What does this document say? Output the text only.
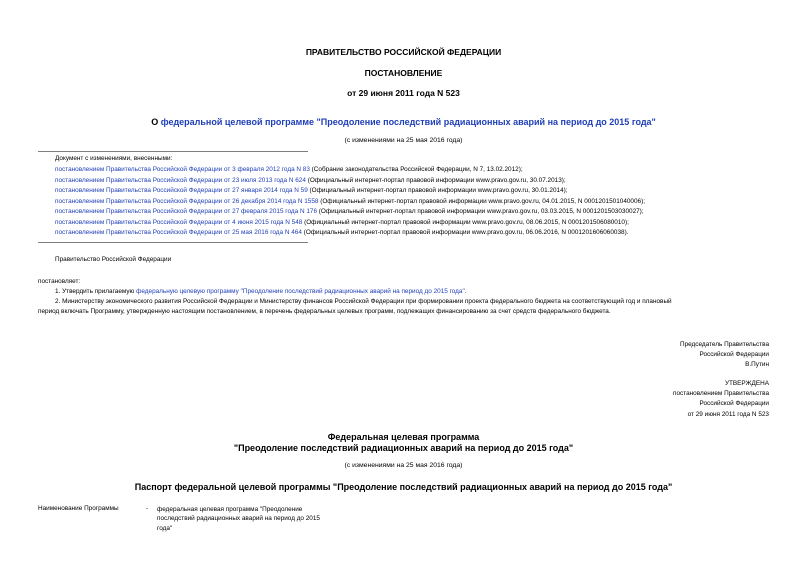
ПРАВИТЕЛЬСТВО РОССИЙСКОЙ ФЕДЕРАЦИИ
ПОСТАНОВЛЕНИЕ
от 29 июня 2011 года N 523
О федеральной целевой программе "Преодоление последствий радиационных аварий на период до 2015 года"
(с изменениями на 25 мая 2016 года)
Документ с изменениями, внесенными:
постановлением Правительства Российской Федерации от 3 февраля 2012 года N 83 (Собрание законодательства Российской Федерации, N 7, 13.02.2012);
постановлением Правительства Российской Федерации от 23 июля 2013 года N 624 (Официальный интернет-портал правовой информации www.pravo.gov.ru, 30.07.2013);
постановлением Правительства Российской Федерации от 27 января 2014 года N 59 (Официальный интернет-портал правовой информации www.pravo.gov.ru, 30.01.2014);
постановлением Правительства Российской Федерации от 26 декабря 2014 года N 1558 (Официальный интернет-портал правовой информации www.pravo.gov.ru, 04.01.2015, N 0001201501040006);
постановлением Правительства Российской Федерации от 27 февраля 2015 года N 176 (Официальный интернет-портал правовой информации www.pravo.gov.ru, 03.03.2015, N 0001201503030027);
постановлением Правительства Российской Федерации от 4 июня 2015 года N 548 (Официальный интернет-портал правовой информации www.pravo.gov.ru, 08.06.2015, N 0001201506080010);
постановлением Правительства Российской Федерации от 25 мая 2016 года N 464 (Официальный интернет-портал правовой информации www.pravo.gov.ru, 06.06.2016, N 0001201606060038).
Правительство Российской Федерации
постановляет:
1. Утвердить прилагаемую федеральную целевую программу "Преодоление последствий радиационных аварий на период до 2015 года".
2. Министерству экономического развития Российской Федерации и Министерству финансов Российской Федерации при формировании проекта федерального бюджета на соответствующий год и плановый
период включать Программу, утвержденную настоящим постановлением, в перечень федеральных целевых программ, подлежащих финансированию за счет средств федерального бюджета.
Председатель Правительства
Российской Федерации
В.Путин
УТВЕРЖДЕНА
постановлением Правительства
Российской Федерации
от 29 июня 2011 года N 523
Федеральная целевая программа
"Преодоление последствий радиационных аварий на период до 2015 года"
(с изменениями на 25 мая 2016 года)
Паспорт федеральной целевой программы "Преодоление последствий радиационных аварий на период до 2015 года"
Наименование Программы	- федеральная целевая программа "Преодоление
последствий радиационных аварий на период до 2015
года"
